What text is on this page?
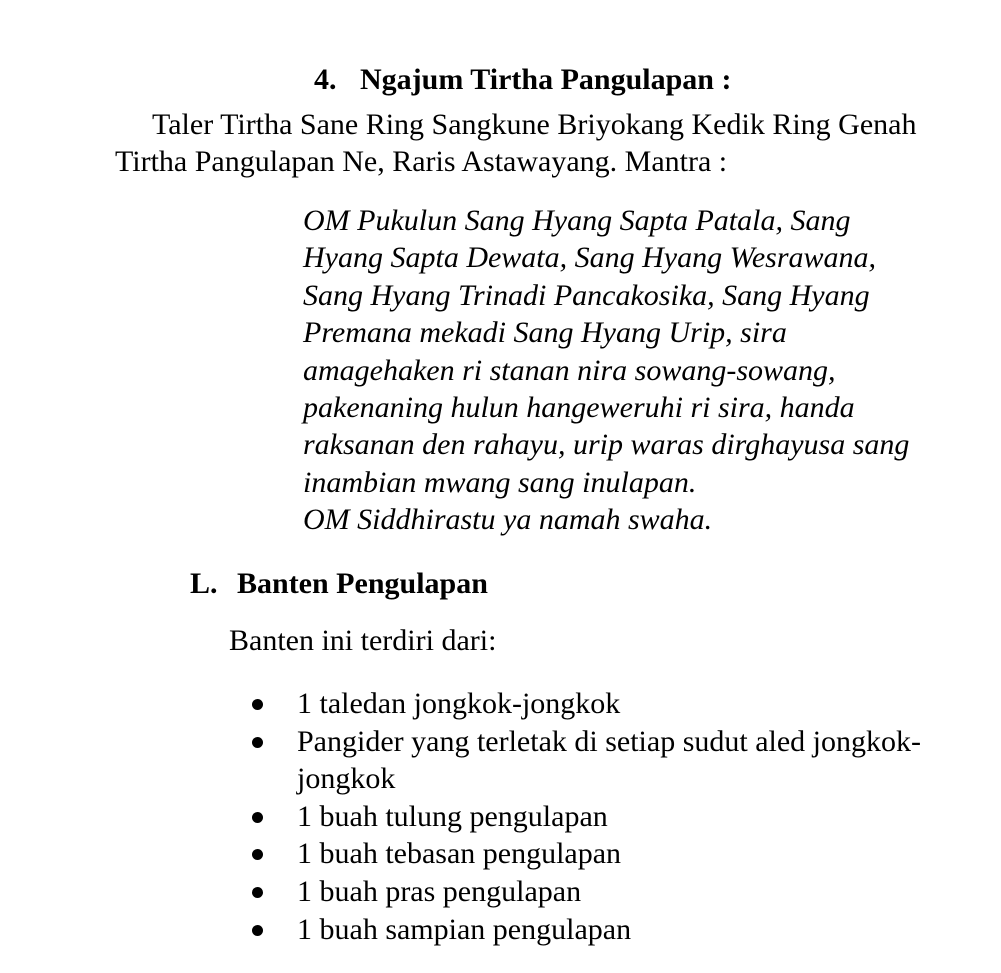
4. Ngajum Tirtha Pangulapan :
Taler Tirtha Sane Ring Sangkune Briyokang Kedik Ring Genah
Tirtha Pangulapan Ne, Raris Astawayang. Mantra :
OM Pukulun Sang Hyang Sapta Patala, Sang
Hyang Sapta Dewata, Sang Hyang Wesrawana,
Sang Hyang Trinadi Pancakosika, Sang Hyang
Premana mekadi Sang Hyang Urip, sira
amagehaken ri stanan nira sowang-sowang,
pakenaning hulun hangeweruhi ri sira, handa
raksanan den rahayu, urip waras dirghayusa sang
inambian mwang sang inulapan.
OM Siddhirastu ya namah swaha.
L. Banten Pengulapan
Banten ini terdiri dari:
1 taledan jongkok-jongkok
Pangider yang terletak di setiap sudut aled jongkok-
jongkok
1 buah tulung pengulapan
1 buah tebasan pengulapan
1 buah pras pengulapan
1 buah sampian pengulapan
